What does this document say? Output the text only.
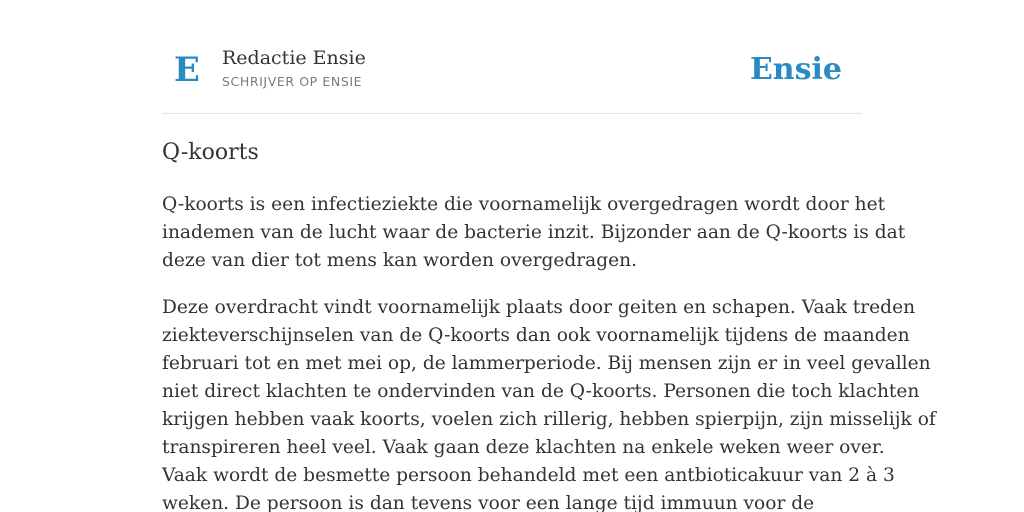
E Redactie Ensie
SCHRIJVER OP ENSIE	Ensie
Q-koorts

Q-koorts is een infectieziekte die voornamelijk overgedragen wordt door het
inademen van de lucht waar de bacterie inzit. Bijzonder aan de Q-koorts is dat
deze van dier tot mens kan worden overgedragen.

Deze overdracht vindt voornamelijk plaats door geiten en schapen. Vaak treden
ziekteverschijnselen van de Q-koorts dan ook voornamelijk tijdens de maanden
februari tot en met mei op, de lammerperiode. Bij mensen zijn er in veel gevallen
niet direct klachten te ondervinden van de Q-koorts. Personen die toch klachten
krijgen hebben vaak koorts, voelen zich rillerig, hebben spierpijn, zijn misselijk of
transpireren heel veel. Vaak gaan deze klachten na enkele weken weer over.
Vaak wordt de besmette persoon behandeld met een antbioticakuur van 2 à 3
weken. De persoon is dan tevens voor een lange tijd immuun voor de
